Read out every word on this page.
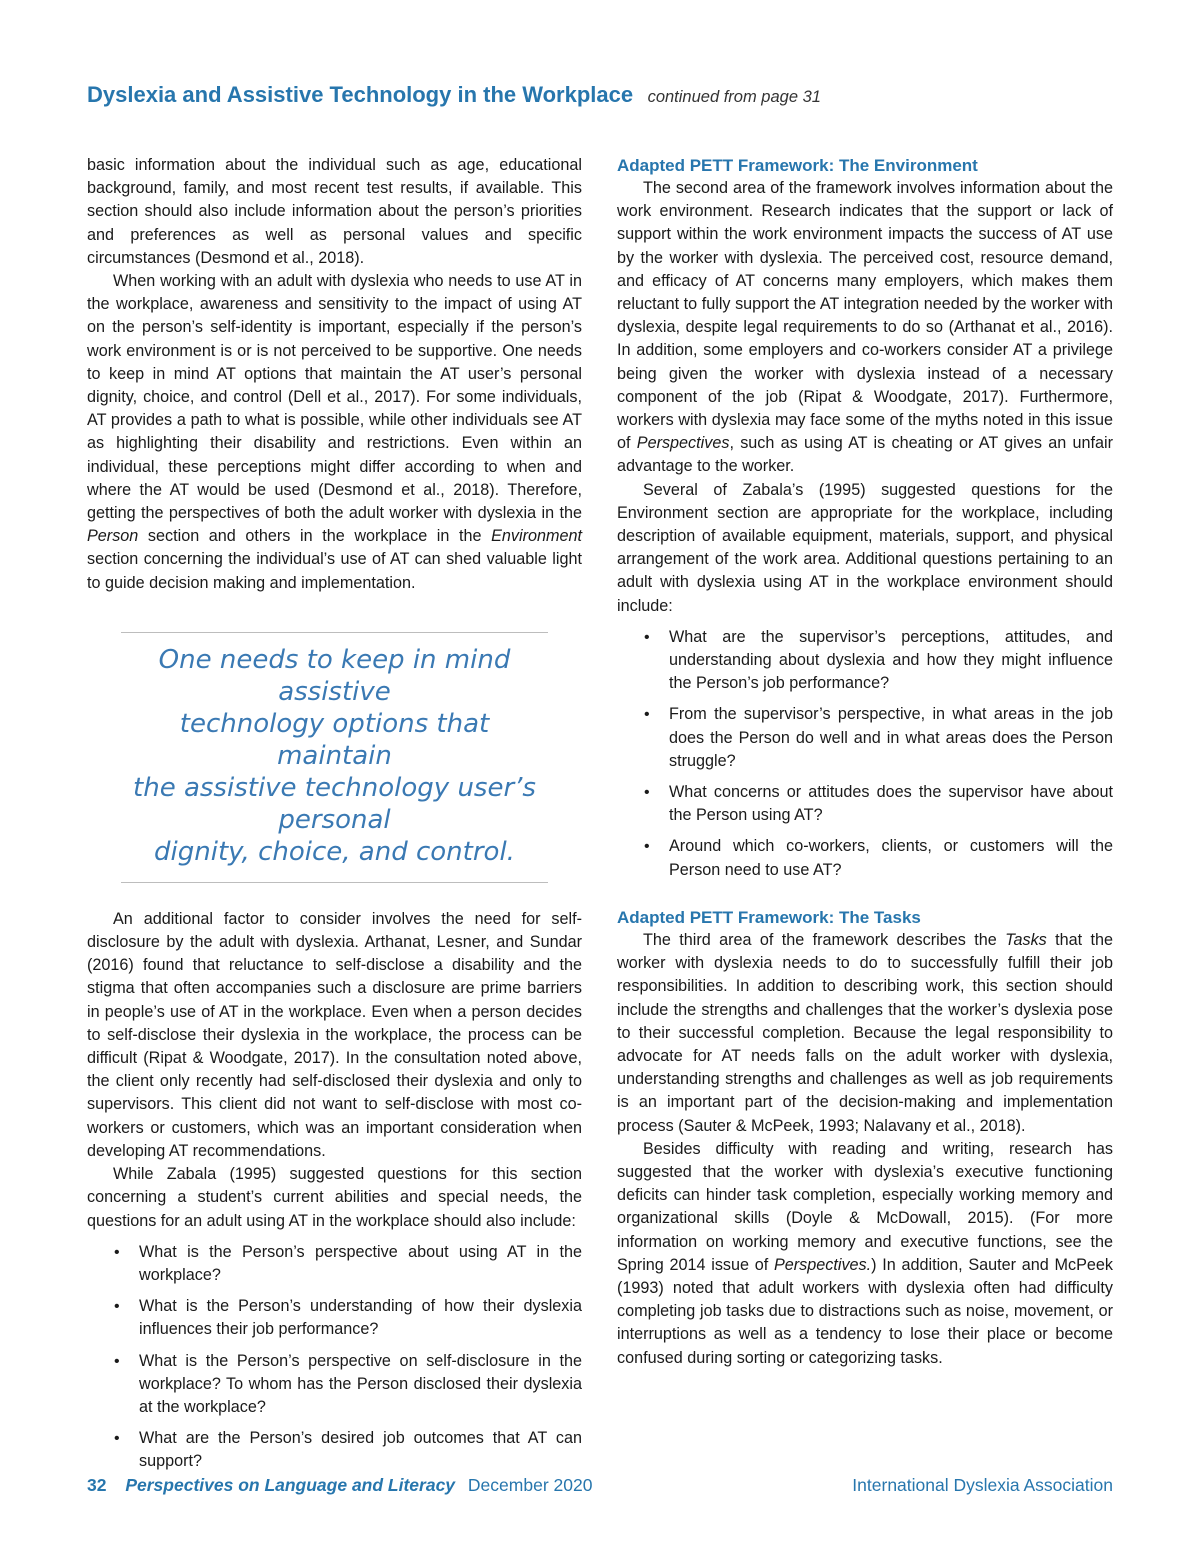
Dyslexia and Assistive Technology in the Workplace continued from page 31

basic information about the individual such as age, educational background, family, and most recent test results, if available. This section should also include information about the person’s priorities and preferences as well as personal values and specific circumstances (Desmond et al., 2018).

When working with an adult with dyslexia who needs to use AT in the workplace, awareness and sensitivity to the impact of using AT on the person’s self-identity is important, especially if the person’s work environment is or is not perceived to be supportive. One needs to keep in mind AT options that maintain the AT user’s personal dignity, choice, and control (Dell et al., 2017). For some individuals, AT provides a path to what is possible, while other individuals see AT as highlighting their disability and restrictions. Even within an individual, these perceptions might differ according to when and where the AT would be used (Desmond et al., 2018). Therefore, getting the perspectives of both the adult worker with dyslexia in the Person section and others in the workplace in the Environment section concerning the individual’s use of AT can shed valuable light to guide decision making and implementation.

One needs to keep in mind assistive
technology options that maintain
the assistive technology user’s personal
dignity, choice, and control.

An additional factor to consider involves the need for self-disclosure by the adult with dyslexia. Arthanat, Lesner, and Sundar (2016) found that reluctance to self-disclose a disability and the stigma that often accompanies such a disclosure are prime barriers in people’s use of AT in the workplace. Even when a person decides to self-disclose their dyslexia in the workplace, the process can be difficult (Ripat & Woodgate, 2017). In the consultation noted above, the client only recently had self-disclosed their dyslexia and only to supervisors. This client did not want to self-disclose with most co-workers or customers, which was an important consideration when developing AT recommendations.

While Zabala (1995) suggested questions for this section concerning a student’s current abilities and special needs, the questions for an adult using AT in the workplace should also include:

• What is the Person’s perspective about using AT in the workplace?
• What is the Person’s understanding of how their dyslexia influences their job performance?
• What is the Person’s perspective on self-disclosure in the workplace? To whom has the Person disclosed their dyslexia at the workplace?
• What are the Person’s desired job outcomes that AT can support?
Adapted PETT Framework: The Environment

The second area of the framework involves information about the work environment. Research indicates that the support or lack of support within the work environment impacts the success of AT use by the worker with dyslexia. The perceived cost, resource demand, and efficacy of AT concerns many employers, which makes them reluctant to fully support the AT integration needed by the worker with dyslexia, despite legal requirements to do so (Arthanat et al., 2016). In addition, some employers and co-workers consider AT a privilege being given the worker with dyslexia instead of a necessary component of the job (Ripat & Woodgate, 2017). Furthermore, workers with dyslexia may face some of the myths noted in this issue of Perspectives, such as using AT is cheating or AT gives an unfair advantage to the worker.

Several of Zabala’s (1995) suggested questions for the Environment section are appropriate for the workplace, including description of available equipment, materials, support, and physical arrangement of the work area. Additional questions pertaining to an adult with dyslexia using AT in the workplace environment should include:

• What are the supervisor’s perceptions, attitudes, and understanding about dyslexia and how they might influence the Person’s job performance?
• From the supervisor’s perspective, in what areas in the job does the Person do well and in what areas does the Person struggle?
• What concerns or attitudes does the supervisor have about the Person using AT?
• Around which co-workers, clients, or customers will the Person need to use AT?
Adapted PETT Framework: The Tasks

The third area of the framework describes the Tasks that the worker with dyslexia needs to do to successfully fulfill their job responsibilities. In addition to describing work, this section should include the strengths and challenges that the worker’s dyslexia pose to their successful completion. Because the legal responsibility to advocate for AT needs falls on the adult worker with dyslexia, understanding strengths and challenges as well as job requirements is an important part of the decision-making and implementation process (Sauter & McPeek, 1993; Nalavany et al., 2018).

Besides difficulty with reading and writing, research has suggested that the worker with dyslexia’s executive functioning deficits can hinder task completion, especially working memory and organizational skills (Doyle & McDowall, 2015). (For more information on working memory and executive functions, see the Spring 2014 issue of Perspectives.) In addition, Sauter and McPeek (1993) noted that adult workers with dyslexia often had difficulty completing job tasks due to distractions such as noise, movement, or interruptions as well as a tendency to lose their place or become confused during sorting or categorizing tasks.

32 Perspectives on Language and Literacy December 2020	International Dyslexia Association
